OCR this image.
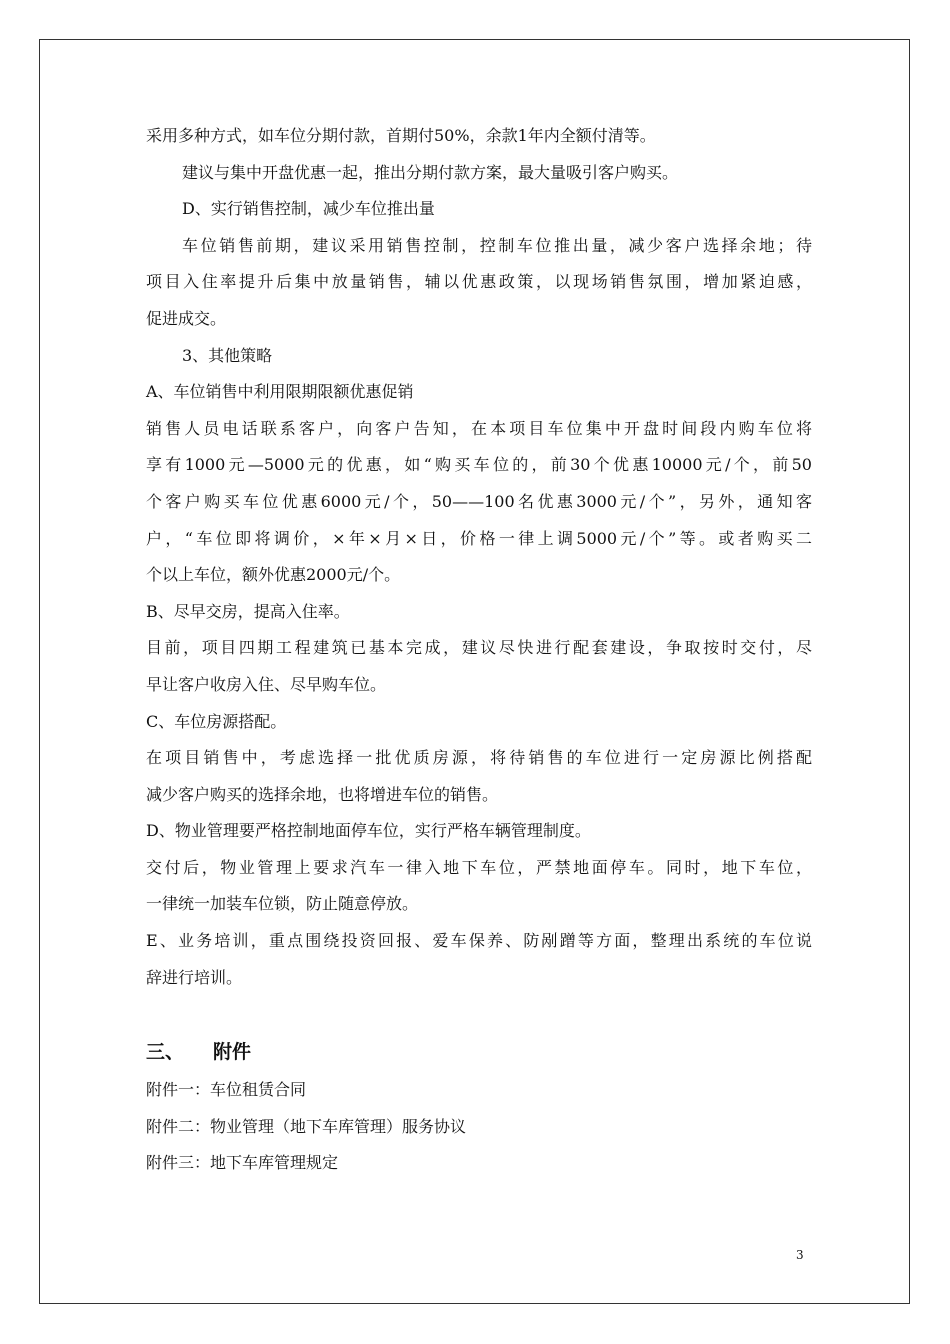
采用多种方式，如车位分期付款，首期付50%，余款1年内全额付清等。
建议与集中开盘优惠一起，推出分期付款方案，最大量吸引客户购买。
D、实行销售控制，减少车位推出量
车位销售前期，建议采用销售控制，控制车位推出量，减少客户选择余地；待
项目入住率提升后集中放量销售，辅以优惠政策，以现场销售氛围，增加紧迫感，
促进成交。
3、其他策略
A、车位销售中利用限期限额优惠促销
销售人员电话联系客户，向客户告知，在本项目车位集中开盘时间段内购车位将
享有1000元—5000元的优惠，如“购买车位的，前30个优惠10000元/个，前50
个客户购买车位优惠6000元/个，50——100名优惠3000元/个”，另外，通知客
户，“车位即将调价，×年×月×日，价格一律上调5000元/个”等。或者购买二
个以上车位，额外优惠2000元/个。
B、尽早交房，提高入住率。
目前，项目四期工程建筑已基本完成，建议尽快进行配套建设，争取按时交付，尽
早让客户收房入住、尽早购车位。
C、车位房源搭配。
在项目销售中，考虑选择一批优质房源，将待销售的车位进行一定房源比例搭配
减少客户购买的选择余地，也将增进车位的销售。
D、物业管理要严格控制地面停车位，实行严格车辆管理制度。
交付后，物业管理上要求汽车一律入地下车位，严禁地面停车。同时，地下车位，
一律统一加装车位锁，防止随意停放。
E、业务培训，重点围绕投资回报、爱车保养、防剐蹭等方面，整理出系统的车位说
辞进行培训。
三、 附件
附件一：车位租赁合同
附件二：物业管理（地下车库管理）服务协议
附件三：地下车库管理规定
3
